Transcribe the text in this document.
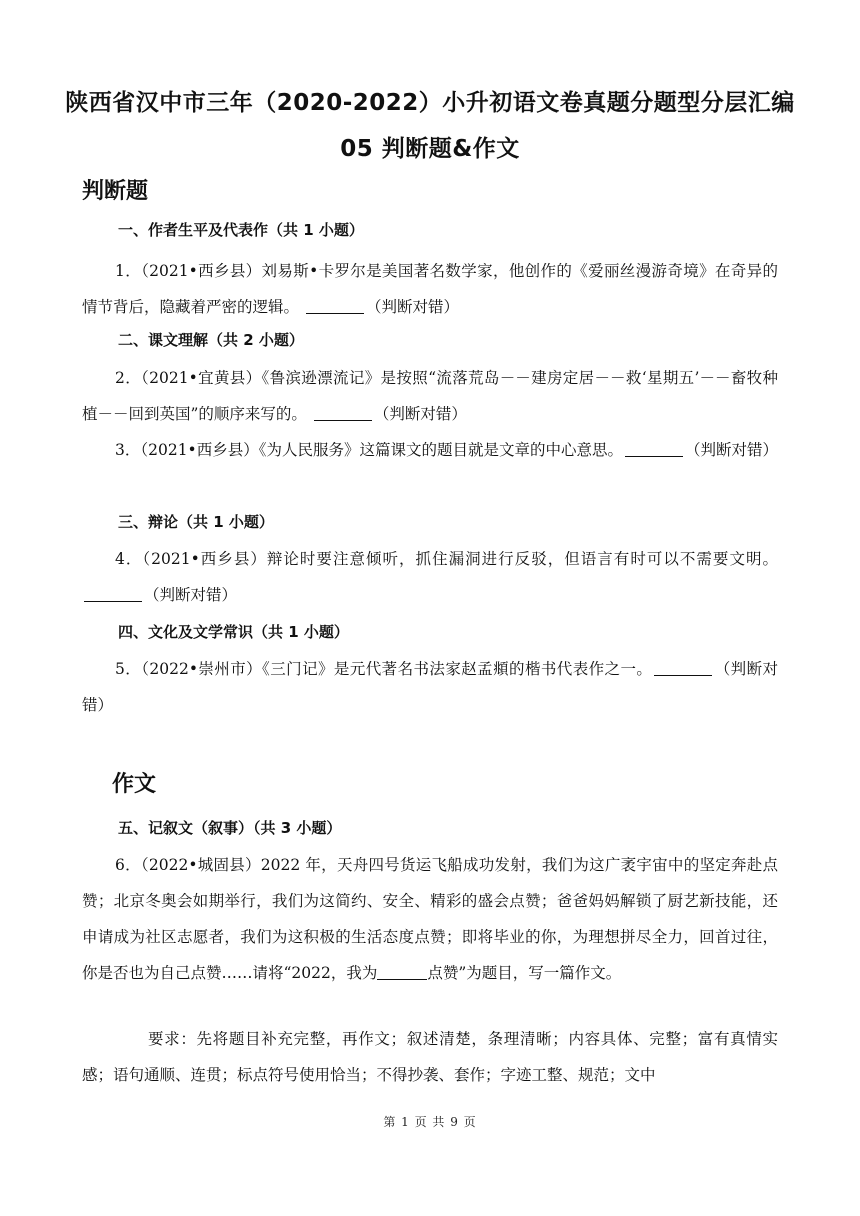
陕西省汉中市三年（2020-2022）小升初语文卷真题分题型分层汇编
05 判断题&作文
判断题

一、作者生平及代表作（共 1 小题）

1．（2021•西乡县）刘易斯•卡罗尔是美国著名数学家，他创作的《爱丽丝漫游奇境》在奇异的情节背后，隐藏着严密的逻辑。	（判断对错）

二、课文理解（共 2 小题）

2．（2021•宜黄县）《鲁滨逊漂流记》是按照“流落荒岛－－建房定居－－救‘星期五’－－畜牧种植－－回到英国”的顺序来写的。	（判断对错）

3．（2021•西乡县）《为人民服务》这篇课文的题目就是文章的中心意思。	（判断对错）

三、辩论（共 1 小题）

4．（2021•西乡县）辩论时要注意倾听，抓住漏洞进行反驳，但语言有时可以不需要文明。 （判断对错）

四、文化及文学常识（共 1 小题）

5．（2022•崇州市）《三门记》是元代著名书法家赵孟頫的楷书代表作之一。	（判断对错）

作文

五、记叙文（叙事）（共 3 小题）

6．（2022•城固县）2022 年，天舟四号货运飞船成功发射，我们为这广袤宇宙中的坚定奔赴点赞；北京冬奥会如期举行，我们为这简约、安全、精彩的盛会点赞；爸爸妈妈解锁了厨艺新技能，还申请成为社区志愿者，我们为这积极的生活态度点赞；即将毕业的你，为理想拼尽全力，回首过往，你是否也为自己点赞……请将“2022，我为	点赞”为题目，写一篇作文。

要求：先将题目补充完整，再作文；叙述清楚，条理清晰；内容具体、完整；富有真情实感；语句通顺、连贯；标点符号使用恰当；不得抄袭、套作；字迹工整、规范；文中

第 1 页 共 9 页
